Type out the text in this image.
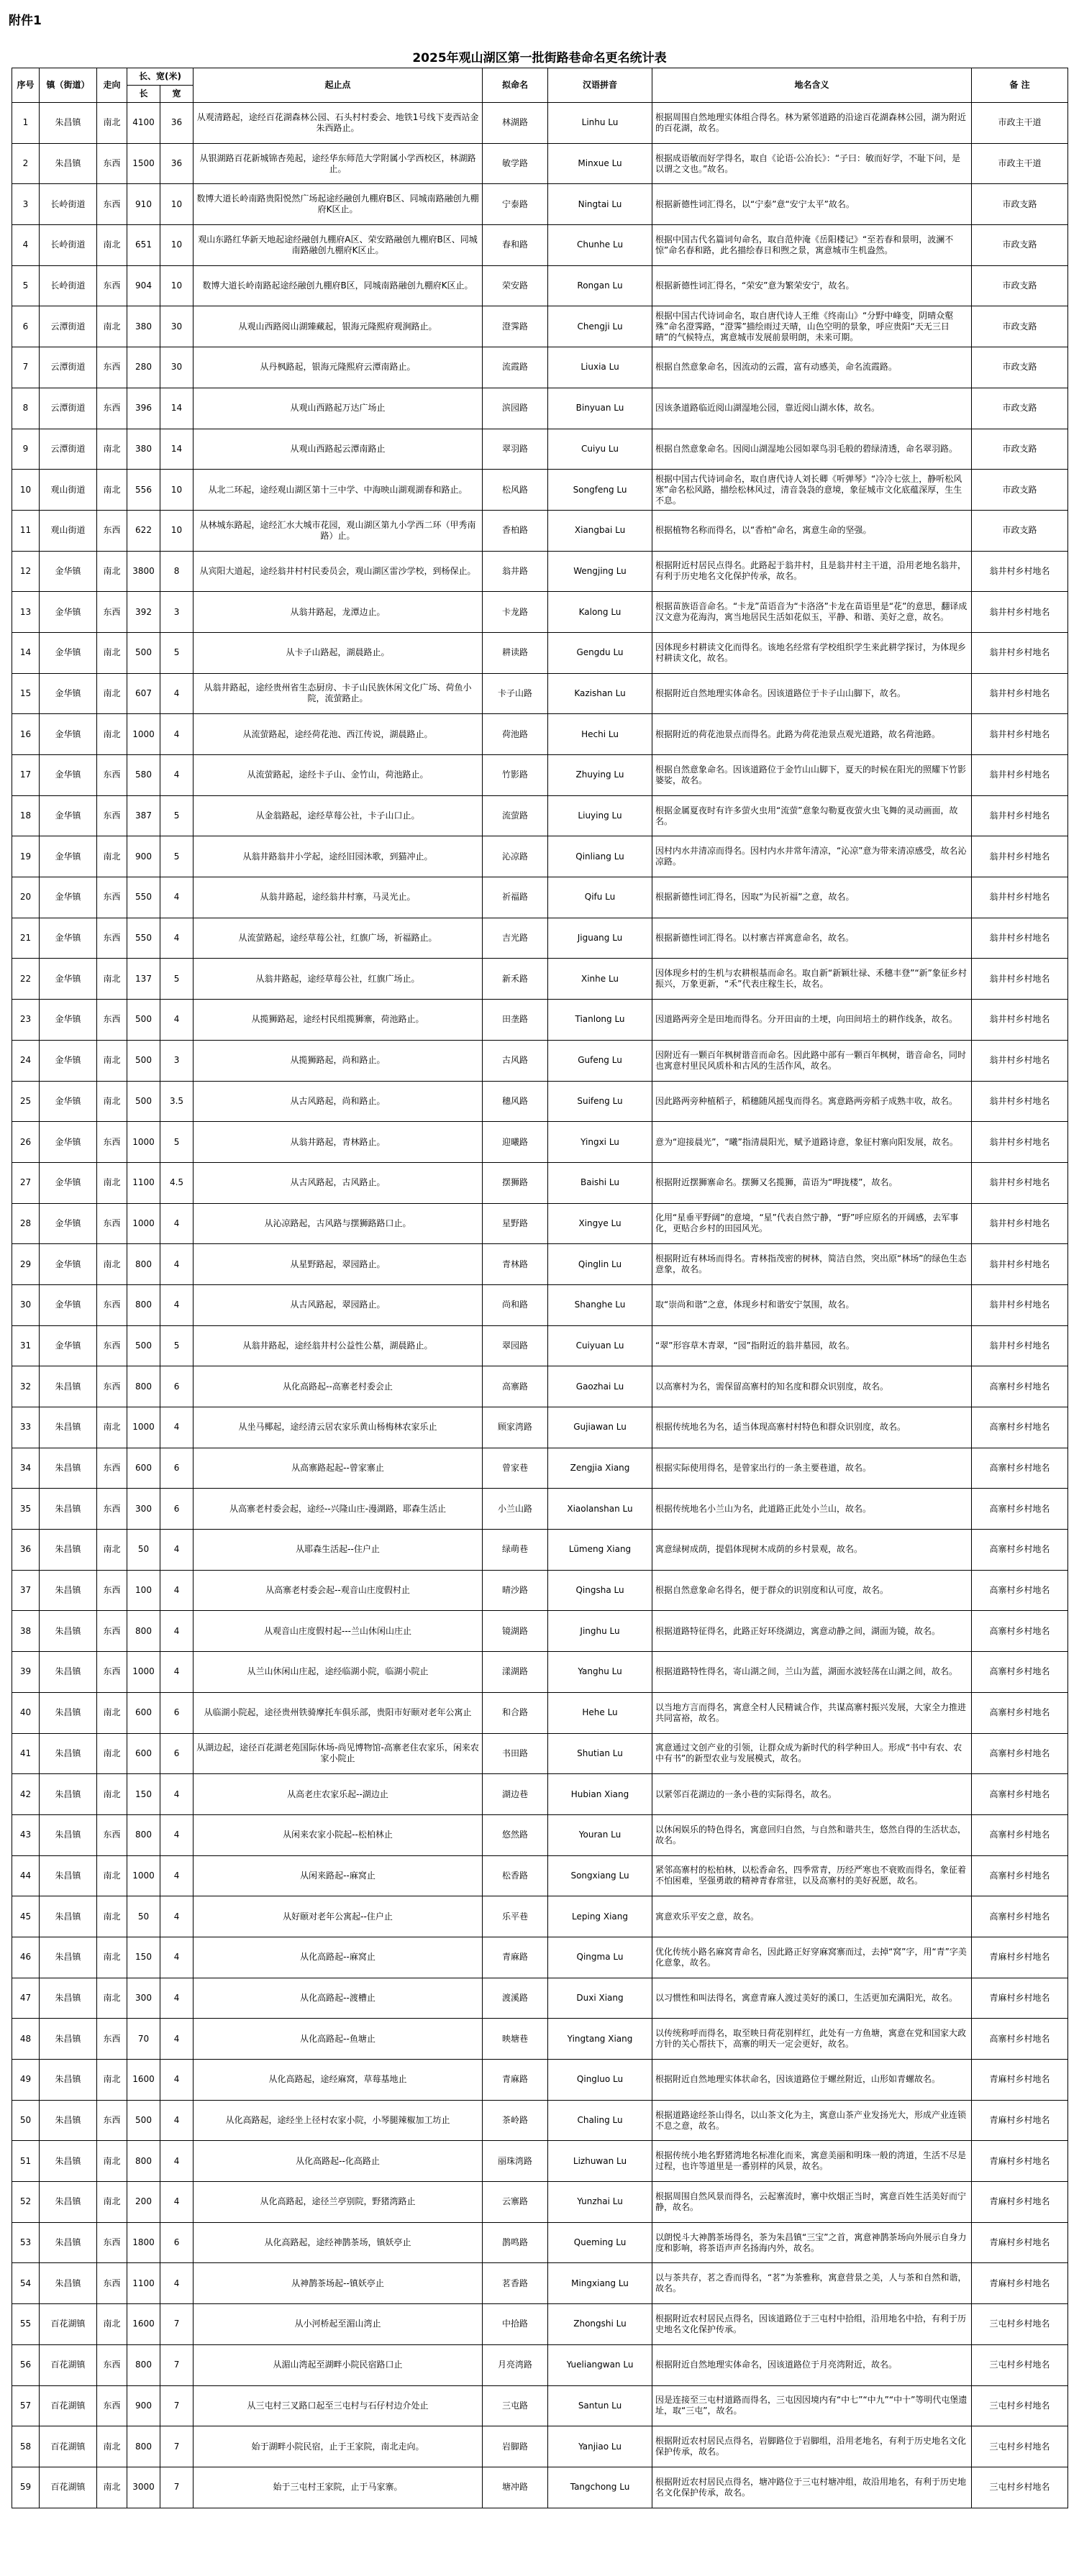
附件1
2025年观山湖区第一批街路巷命名更名统计表
序号	镇（街道）	走向	长、宽(米)		起止点	拟命名	汉语拼音	地名含义	备 注
			长	宽					
1	朱昌镇	南北	4100	36	从观清路起，途经百花湖森林公园、石头村村委会、地铁1号线下麦西站金朱西路止。	林湖路	Linhu Lu	根据周围自然地理实体组合得名。林为紧邻道路的沿途百花湖森林公园，湖为附近的百花湖，故名。	市政主干道
2	朱昌镇	东西	1500	36	从银湖路百花新城锦杏苑起，途经华东师范大学附属小学西校区，林湖路止。	敏学路	Minxue Lu	根据成语敏而好学得名，取自《论语·公冶长》：“子曰：敏而好学，不耻下问，是以谓之文也。”故名。	市政主干道
3	长岭街道	东西	910	10	数博大道长岭南路贵阳悦然广场起途经融创九棚府B区、同城南路融创九棚府K区止。	宁泰路	Ningtai Lu	根据新德性词汇得名，以“宁泰”意“安宁太平”故名。	市政支路
4	长岭街道	南北	651	10	观山东路红华新天地起途经融创九棚府A区、荣安路融创九棚府B区、同城南路融创九棚府K区止。	春和路	Chunhe Lu	根据中国古代名篇词句命名，取自范仲淹《岳阳楼记》“至若春和景明，波澜不惊”命名春和路，此名描绘春日和煦之景，寓意城市生机盎然。	市政支路
5	长岭街道	东西	904	10	数博大道长岭南路起途经融创九棚府B区，同城南路融创九棚府K区止。	荣安路	Rongan Lu	根据新德性词汇得名，“荣安”意为繁荣安宁，故名。	市政支路
6	云潭街道	南北	380	30	从观山西路阅山湖臻藏起，银海元隆熙府观涧路止。	澄霁路	Chengji Lu	根据中国古代诗词命名，取自唐代诗人王维《终南山》“分野中峰变，阴晴众壑殊”命名澄霁路，“澄霁”描绘雨过天晴，山色空明的景象，呼应贵阳“天无三日晴”的气候特点，寓意城市发展前景明朗，未来可期。	市政支路
7	云潭街道	东西	280	30	从丹枫路起，银海元隆熙府云潭南路止。	流霞路	Liuxia Lu	根据自然意象命名，因流动的云霞，富有动感美，命名流霞路。	市政支路
8	云潭街道	东西	396	14	从观山西路起万达广场止	滨园路	Binyuan Lu	因该条道路临近阅山湖湿地公园，靠近阅山湖水体，故名。	市政支路
9	云潭街道	南北	380	14	从观山西路起云潭南路止	翠羽路	Cuiyu Lu	根据自然意象命名。因阅山湖湿地公园如翠鸟羽毛般的碧绿清透，命名翠羽路。	市政支路
10	观山街道	南北	556	10	从北二环起，途经观山湖区第十三中学、中海映山湖观湖春和路止。	松风路	Songfeng Lu	根据中国古代诗词命名，取自唐代诗人刘长卿《听弹琴》“冷冷七弦上，静听松风寒”命名松风路，描绘松林风过，清音袅袅的意境，象征城市文化底蕴深厚，生生不息。	市政支路
11	观山街道	东西	622	10	从林城东路起，途经汇水大城市花园，观山湖区第九小学西二环（甲秀南路）止。	香柏路	Xiangbai Lu	根据植物名称而得名，以“香柏”命名，寓意生命的坚强。	市政支路
12	金华镇	南北	3800	8	从宾阳大道起，途经翁井村村民委员会，观山湖区雷沙学校，到杨保止。	翁井路	Wengjing Lu	根据附近村居民点得名。此路起于翁井村，且是翁井村主干道，沿用老地名翁井，有利于历史地名文化保护传承，故名。	翁井村乡村地名
13	金华镇	东西	392	3	从翁井路起，龙潭边止。	卡龙路	Kalong Lu	根据苗族语音命名。“卡龙”苗语音为“卡洛洛”卡龙在苗语里是“花”的意思，翻译成汉文意为花海沟，寓当地居民生活如花似玉，平静、和谐、美好之意，故名。	翁井村乡村地名
14	金华镇	南北	500	5	从卡子山路起，湖晨路止。	耕读路	Gengdu Lu	因体现乡村耕读文化而得名。该地名经常有学校组织学生来此耕学探讨，为体现乡村耕读文化，故名。	翁井村乡村地名
15	金华镇	南北	607	4	从翁井路起，途经贵州省生态厨房、卡子山民族休闲文化广场、荷鱼小院，流萤路止。	卡子山路	Kazishan Lu	根据附近自然地理实体命名。因该道路位于卡子山山脚下，故名。	翁井村乡村地名
16	金华镇	南北	1000	4	从流萤路起，途经荷花池、西江传说，湖晨路止。	荷池路	Hechi Lu	根据附近的荷花池景点而得名。此路为荷花池景点观光道路，故名荷池路。	翁井村乡村地名
17	金华镇	东西	580	4	从流萤路起，途经卡子山、金竹山，荷池路止。	竹影路	Zhuying Lu	根据自然意象命名。因该道路位于金竹山山脚下，夏天的时候在阳光的照耀下竹影婆娑，故名。	翁井村乡村地名
18	金华镇	东西	387	5	从金翁路起，途经草莓公社，卡子山口止。	流萤路	Liuying Lu	根据金属夏夜时有许多萤火虫用“流萤”意象勾勒夏夜萤火虫飞舞的灵动画面，故名。	翁井村乡村地名
19	金华镇	南北	900	5	从翁井路翁井小学起，途经旧园沐歌，到猫冲止。	沁凉路	Qinliang Lu	因村内水井清凉而得名。因村内水井常年清凉，“沁凉”意为带来清凉感受，故名沁凉路。	翁井村乡村地名
20	金华镇	东西	550	4	从翁井路起，途经翁井村寨，马灵光止。	祈福路	Qifu Lu	根据新德性词汇得名，因取“为民祈福”之意，故名。	翁井村乡村地名
21	金华镇	东西	550	4	从流萤路起，途经草莓公社，红旗广场，祈福路止。	吉光路	Jiguang Lu	根据新德性词汇得名。以村寨吉祥寓意命名，故名。	翁井村乡村地名
22	金华镇	南北	137	5	从翁井路起，途经草莓公社，红旗广场止。	新禾路	Xinhe Lu	因体现乡村的生机与农耕根基而命名。取自新“新颖壮禄、禾穗丰登”“新”象征乡村振兴，万象更新，“禾”代表庄稼生长，故名。	翁井村乡村地名
23	金华镇	东西	500	4	从揽狮路起，途经村民组揽狮寨，荷池路止。	田垄路	Tianlong Lu	因道路两旁全是田地而得名。分开田亩的土埂，向田间培土的耕作线条，故名。	翁井村乡村地名
24	金华镇	南北	500	3	从揽狮路起，尚和路止。	古风路	Gufeng Lu	因附近有一颗百年枫树谐音而命名。因此路中部有一颗百年枫树，谐音命名，同时也寓意村里民风质朴和古风的生活作风，故名。	翁井村乡村地名
25	金华镇	南北	500	3.5	从古风路起，尚和路止。	穗风路	Suifeng Lu	因此路两旁种植稻子，稻穗随风摇曳而得名。寓意路两旁稻子成熟丰收，故名。	翁井村乡村地名
26	金华镇	东西	1000	5	从翁井路起，青林路止。	迎曦路	Yingxi Lu	意为“迎接晨光”，“曦”指清晨阳光，赋予道路诗意，象征村寨向阳发展，故名。	翁井村乡村地名
27	金华镇	南北	1100	4.5	从古风路起，古风路止。	摆狮路	Baishi Lu	根据附近摆狮寨命名。摆狮又名揽狮，苗语为“呷拢楼”，故名。	翁井村乡村地名
28	金华镇	东西	1000	4	从沁凉路起，古风路与摆狮路路口止。	星野路	Xingye Lu	化用“星垂平野阔”的意境，“星”代表自然宁静，“野”呼应原名的开阔感，去军事化，更贴合乡村的田园风光。	翁井村乡村地名
29	金华镇	南北	800	4	从星野路起，翠园路止。	青林路	Qinglin Lu	根据附近有林场而得名。青林指茂密的树林，简洁自然，突出原“林场”的绿色生态意象，故名。	翁井村乡村地名
30	金华镇	东西	800	4	从古风路起，翠园路止。	尚和路	Shanghe Lu	取“崇尚和谐”之意，体现乡村和谐安宁氛围，故名。	翁井村乡村地名
31	金华镇	东西	500	5	从翁井路起，途经翁井村公益性公墓，湖晨路止。	翠园路	Cuiyuan Lu	“翠”形容草木青翠，“园”指附近的翁井墓园，故名。	翁井村乡村地名
32	朱昌镇	东西	800	6	从化高路起--高寨老村委会止	高寨路	Gaozhai Lu	以高寨村为名，需保留高寨村的知名度和群众识别度，故名。	高寨村乡村地名
33	朱昌镇	南北	1000	4	从坐马椰起，途经清云居农家乐黄山杨梅林农家乐止	顾家湾路	Gujiawan Lu	根据传统地名为名，适当体现高寨村村特色和群众识别度，故名。	高寨村乡村地名
34	朱昌镇	东西	600	6	从高寨路起起--曾家寨止	曾家巷	Zengjia Xiang	根据实际使用得名，是曾家出行的一条主要巷道，故名。	高寨村乡村地名
35	朱昌镇	东西	300	6	从高寨老村委会起，途经--兴隆山庄-漫湖路，耶森生活止	小兰山路	Xiaolanshan Lu	根据传统地名小兰山为名，此道路正此处小兰山，故名。	高寨村乡村地名
36	朱昌镇	南北	50	4	从耶森生活起--住户止	绿萌巷	Lümeng Xiang	寓意绿树成荫，提倡体现树木成荫的乡村景观，故名。	高寨村乡村地名
37	朱昌镇	东西	100	4	从高寨老村委会起--观音山庄度假村止	晴沙路	Qingsha Lu	根据自然意象命名得名，便于群众的识别度和认可度，故名。	高寨村乡村地名
38	朱昌镇	东西	800	4	从观音山庄度假村起---兰山休闲山庄止	镜湖路	Jinghu Lu	根据道路特征得名，此路正好环绕湖边，寓意动静之间，湖面为镜，故名。	高寨村乡村地名
39	朱昌镇	东西	1000	4	从兰山休闲山庄起，途经临湖小院，临湖小院止	漾湖路	Yanghu Lu	根据道路特性得名，寄山湖之间，兰山为蓝，湖面水波轻荡在山湖之间，故名。	高寨村乡村地名
40	朱昌镇	南北	600	6	从临湖小院起，途径贵州铁骑摩托车俱乐部，贵阳市好颐对老年公寓止	和合路	Hehe Lu	以当地方言而得名，寓意全村人民精诚合作，共谋高寨村振兴发展，大家全力推进共同富裕，故名。	高寨村乡村地名
41	朱昌镇	南北	600	6	从湖边起，途径百花湖老苑国际休场-尚见博物馆-高寨老住农家乐，闲来农家小院止	书田路	Shutian Lu	寓意通过文创产业的引领，让群众成为新时代的科学种田人。形成“书中有农、农中有书”的新型农业与发展模式，故名。	高寨村乡村地名
42	朱昌镇	南北	150	4	从高老庄农家乐起--湖边止	湖边巷	Hubian Xiang	以紧邻百花湖边的一条小巷的实际得名，故名。	高寨村乡村地名
43	朱昌镇	东西	800	4	从闲来农家小院起--松柏林止	悠然路	Youran Lu	以休闲娱乐的特色得名，寓意回归自然，与自然和谐共生，悠然自得的生活状态，故名。	高寨村乡村地名
44	朱昌镇	南北	1000	4	从闲来路起--麻窝止	松香路	Songxiang Lu	紧邻高寨村的松柏林，以松香命名，四季常青，历经严寒也不衰败而得名，象征着不怕困难，坚强勇敢的精神青春常驻，以及高寨村的美好祝愿，故名。	高寨村乡村地名
45	朱昌镇	南北	50	4	从好颐对老年公寓起--住户止	乐平巷	Leping Xiang	寓意欢乐平安之意，故名。	高寨村乡村地名
46	朱昌镇	南北	150	4	从化高路起--麻窝止	青麻路	Qingma Lu	优化传统小路名麻窝青命名，因此路正好穿麻窝寨而过，去掉“窝”字，用“青”字美化意象，故名。	青麻村乡村地名
47	朱昌镇	南北	300	4	从化高路起--渡槽止	渡溪路	Duxi Xiang	以习惯性和叫法得名，寓意青麻人渡过美好的溪口，生活更加充满阳光，故名。	青麻村乡村地名
48	朱昌镇	东西	70	4	从化高路起--鱼塘止	映塘巷	Yingtang Xiang	以传统称呼而得名，取至映日荷花别样红，此处有一方鱼塘，寓意在党和国家大政方针的关心帮扶下，高寨的明天一定会更好，故名。	高寨村乡村地名
49	朱昌镇	南北	1600	4	从化高路起，途经麻窝，草莓基地止	青麻路	Qingluo Lu	根据附近自然地理实体状命名，因该道路位于螺丝附近，山形如青螺故名。	青麻村乡村地名
50	朱昌镇	东西	500	4	从化高路起，途经坐上径村农家小院，小琴腿辣椒加工坊止	茶岭路	Chaling Lu	根据道路途经茶山得名，以山茶文化为主，寓意山茶产业发扬光大，形成产业连锁不息之意，故名。	青麻村乡村地名
51	朱昌镇	南北	800	4	从化高路起--化高路止	丽珠湾路	Lizhuwan Lu	根据传统小地名野猪湾地名标准化而来，寓意美丽和明珠一般的湾道，生活不尽是过程，也许等道里是一番别样的风景，故名。	青麻村乡村地名
52	朱昌镇	南北	200	4	从化高路起，途径兰亭别院，野猪湾路止	云寨路	Yunzhai Lu	根据周围自然风景而得名，云起寨流时，寨中炊烟正当时，寓意百姓生活美好而宁静，故名。	青麻村乡村地名
53	朱昌镇	东西	1800	6	从化高路起，途经神鹊茶场，镇妖亭止	鹊鸣路	Queming Lu	以朗悦斗大神鹊茶场得名，茶为朱昌镇“三宝”之首，寓意神鹊茶场向外展示自身力度和影响，将茶语声声名扬海内外，故名。	青麻村乡村地名
54	朱昌镇	东西	1100	4	从神鹊茶场起--镇妖亭止	茗香路	Mingxiang Lu	以与茶共存，茗之香而得名，“茗”为茶雅称，寓意营景之美，人与茶和自然和谐，故名。	青麻村乡村地名
55	百花湖镇	南北	1600	7	从小河桥起至湄山湾止	中拾路	Zhongshi Lu	根据附近农村居民点得名，因该道路位于三屯村中拾组，沿用地名中拾，有利于历史地名文化保护传承。	三屯村乡村地名
56	百花湖镇	东西	800	7	从湄山湾起至湖畔小院民宿路口止	月亮湾路	Yueliangwan Lu	根据附近自然地理实体命名，因该道路位于月亮湾附近，故名。	三屯村乡村地名
57	百花湖镇	东西	900	7	从三屯村三叉路口起至三屯村与石仔村边介处止	三屯路	Santun Lu	因是连接至三屯村道路而得名，三屯因因境内有“中七”“中九”“中十”等明代屯堡遗址，取“三屯”，故名。	三屯村乡村地名
58	百花湖镇	南北	800	7	始于湖畔小院民宿，止于王家院，南北走向。	岩脚路	Yanjiao Lu	根据附近农村居民点得名，岩脚路位于岩脚组，沿用老地名，有利于历史地名文化保护传承，故名。	三屯村乡村地名
59	百花湖镇	南北	3000	7	始于三屯村王家院，止于马家寨。	塘冲路	Tangchong Lu	根据附近农村居民点得名，塘冲路位于三屯村塘冲组，故沿用地名，有利于历史地名文化保护传承，故名。	三屯村乡村地名
